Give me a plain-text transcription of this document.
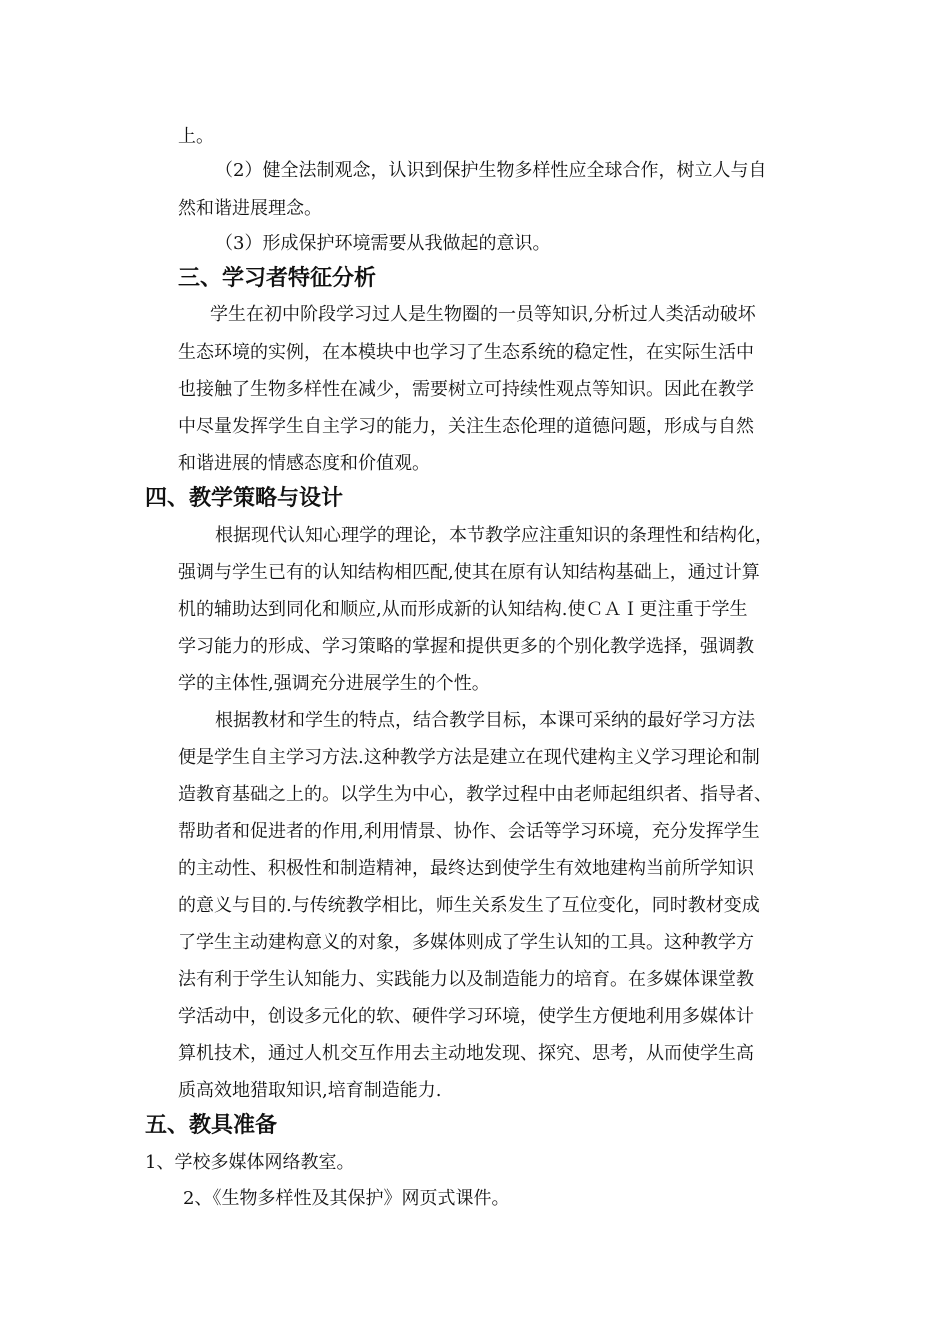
上。
（2）健全法制观念，认识到保护生物多样性应全球合作，树立人与自
然和谐进展理念。
（3）形成保护环境需要从我做起的意识。
三、学习者特征分析
学生在初中阶段学习过人是生物圈的一员等知识,分析过人类活动破坏
生态环境的实例，在本模块中也学习了生态系统的稳定性，在实际生活中
也接触了生物多样性在减少，需要树立可持续性观点等知识。因此在教学
中尽量发挥学生自主学习的能力，关注生态伦理的道德问题，形成与自然
和谐进展的情感态度和价值观。
四、教学策略与设计
根据现代认知心理学的理论，本节教学应注重知识的条理性和结构化，
强调与学生已有的认知结构相匹配,使其在原有认知结构基础上，通过计算
机的辅助达到同化和顺应,从而形成新的认知结构.使ＣＡＩ更注重于学生
学习能力的形成、学习策略的掌握和提供更多的个别化教学选择，强调教
学的主体性,强调充分进展学生的个性。
根据教材和学生的特点，结合教学目标，本课可采纳的最好学习方法
便是学生自主学习方法.这种教学方法是建立在现代建构主义学习理论和制
造教育基础之上的。以学生为中心，教学过程中由老师起组织者、指导者、
帮助者和促进者的作用,利用情景、协作、会话等学习环境，充分发挥学生
的主动性、积极性和制造精神，最终达到使学生有效地建构当前所学知识
的意义与目的.与传统教学相比，师生关系发生了互位变化，同时教材变成
了学生主动建构意义的对象，多媒体则成了学生认知的工具。这种教学方
法有利于学生认知能力、实践能力以及制造能力的培育。在多媒体课堂教
学活动中，创设多元化的软、硬件学习环境，使学生方便地利用多媒体计
算机技术，通过人机交互作用去主动地发现、探究、思考，从而使学生高
质高效地猎取知识,培育制造能力.
五、教具准备
1、学校多媒体网络教室。
2、《生物多样性及其保护》网页式课件。
